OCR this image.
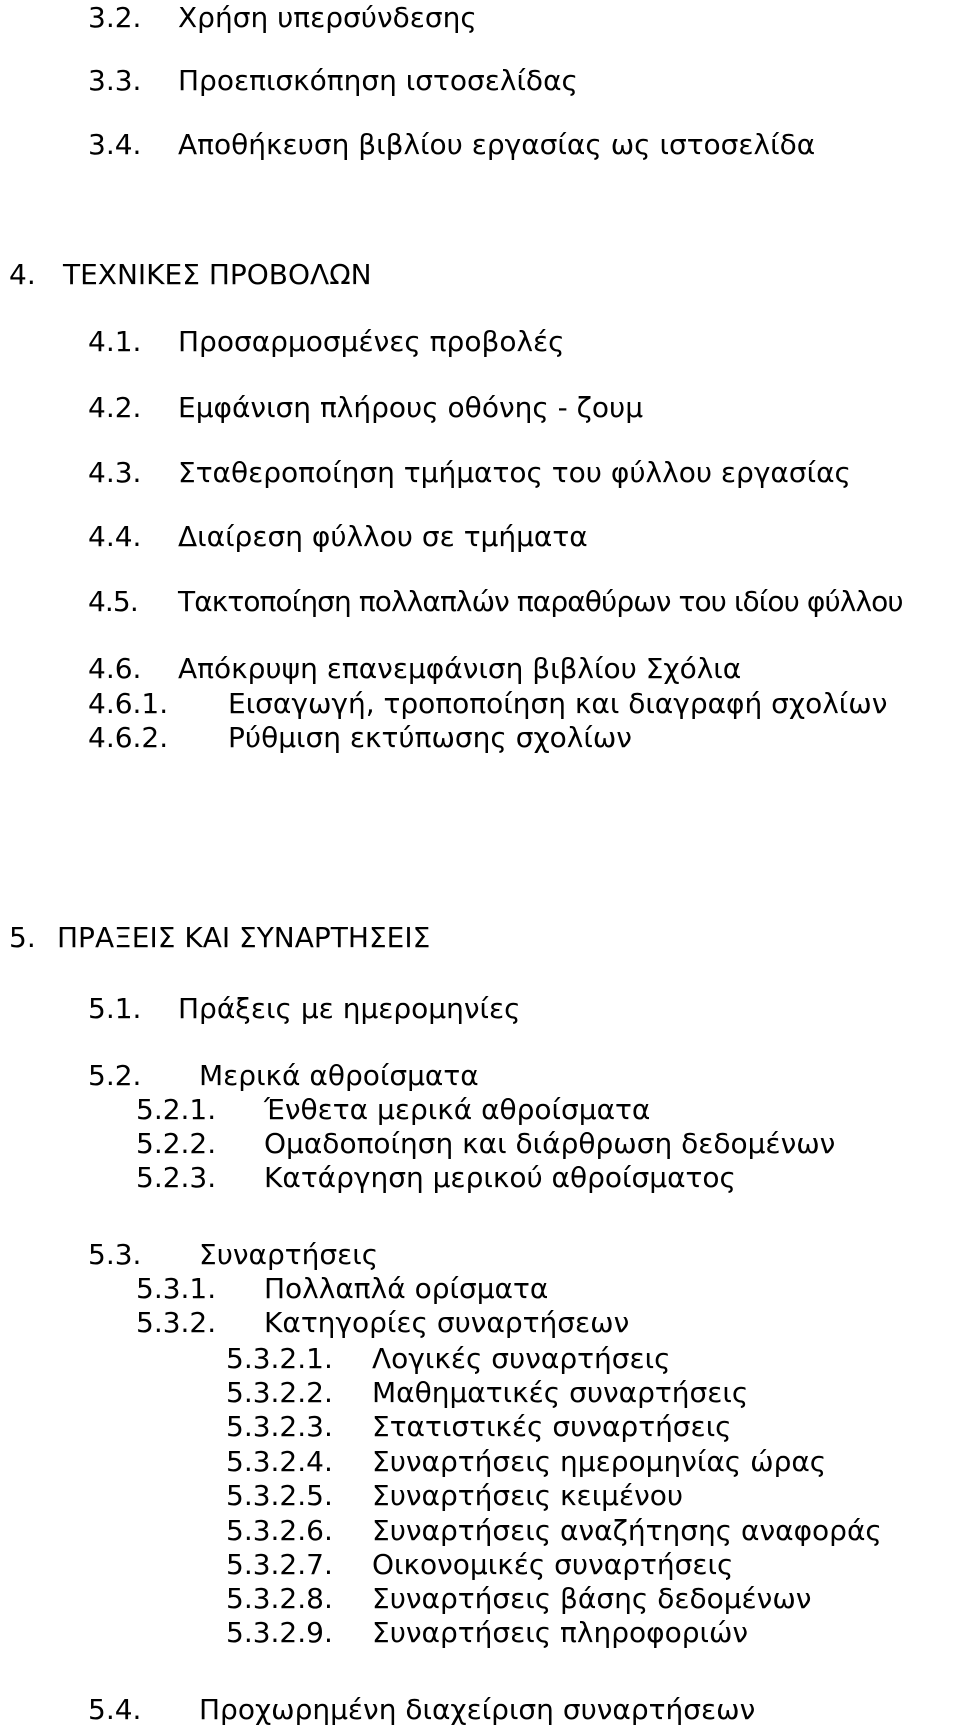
3.2. Χρήση υπερσύνδεσης
3.3. Προεπισκόπηση ιστοσελίδας
3.4. Αποθήκευση βιβλίου εργασίας ως ιστοσελίδα
4. ΤΕΧΝΙΚΕΣ ΠΡΟΒΟΛΩΝ
4.1. Προσαρμοσμένες προβολές
4.2. Εμφάνιση πλήρους οθόνης - ζουμ
4.3. Σταθεροποίηση τμήματος του φύλλου εργασίας
4.4. Διαίρεση φύλλου σε τμήματα
4.5. Τακτοποίηση πολλαπλών παραθύρων του ιδίου φύλλου
4.6. Απόκρυψη επανεμφάνιση βιβλίου Σχόλια
4.6.1. Εισαγωγή, τροποποίηση και διαγραφή σχολίων
4.6.2. Ρύθμιση εκτύπωσης σχολίων
5. ΠΡΑΞΕΙΣ ΚΑΙ ΣΥΝΑΡΤΗΣΕΙΣ
5.1. Πράξεις με ημερομηνίες
5.2. Μερικά αθροίσματα
5.2.1. Ένθετα μερικά αθροίσματα
5.2.2. Ομαδοποίηση και διάρθρωση δεδομένων
5.2.3. Κατάργηση μερικού αθροίσματος
5.3. Συναρτήσεις
5.3.1. Πολλαπλά ορίσματα
5.3.2. Κατηγορίες συναρτήσεων
5.3.2.1. Λογικές συναρτήσεις
5.3.2.2. Μαθηματικές συναρτήσεις
5.3.2.3. Στατιστικές συναρτήσεις
5.3.2.4. Συναρτήσεις ημερομηνίας ώρας
5.3.2.5. Συναρτήσεις κειμένου
5.3.2.6. Συναρτήσεις αναζήτησης αναφοράς
5.3.2.7. Οικονομικές συναρτήσεις
5.3.2.8. Συναρτήσεις βάσης δεδομένων
5.3.2.9. Συναρτήσεις πληροφοριών
5.4. Προχωρημένη διαχείριση συναρτήσεων
